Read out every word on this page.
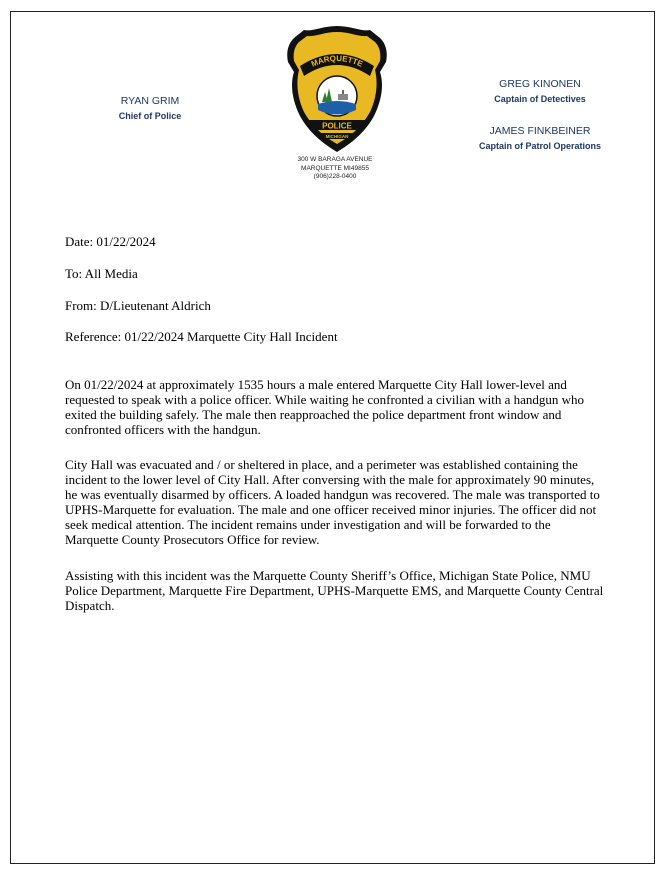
RYAN GRIM
Chief of Police
GREG KINONEN
Captain of Detectives
JAMES FINKBEINER
Captain of Patrol Operations
MARQUETTE
POLICE
MICHIGAN
300 W BARAGA AVENUE
MARQUETTE MI49855
(906)228-0400
Date: 01/22/2024
To: All Media
From: D/Lieutenant Aldrich
Reference: 01/22/2024 Marquette City Hall Incident

On 01/22/2024 at approximately 1535 hours a male entered Marquette City Hall lower-level and requested to speak with a police officer. While waiting he confronted a civilian with a handgun who exited the building safely. The male then reapproached the police department front window and confronted officers with the handgun.

City Hall was evacuated and / or sheltered in place, and a perimeter was established containing the incident to the lower level of City Hall. After conversing with the male for approximately 90 minutes, he was eventually disarmed by officers. A loaded handgun was recovered. The male was transported to UPHS-Marquette for evaluation. The male and one officer received minor injuries. The officer did not seek medical attention. The incident remains under investigation and will be forwarded to the Marquette County Prosecutors Office for review.

Assisting with this incident was the Marquette County Sheriff’s Office, Michigan State Police, NMU Police Department, Marquette Fire Department, UPHS-Marquette EMS, and Marquette County Central Dispatch.
